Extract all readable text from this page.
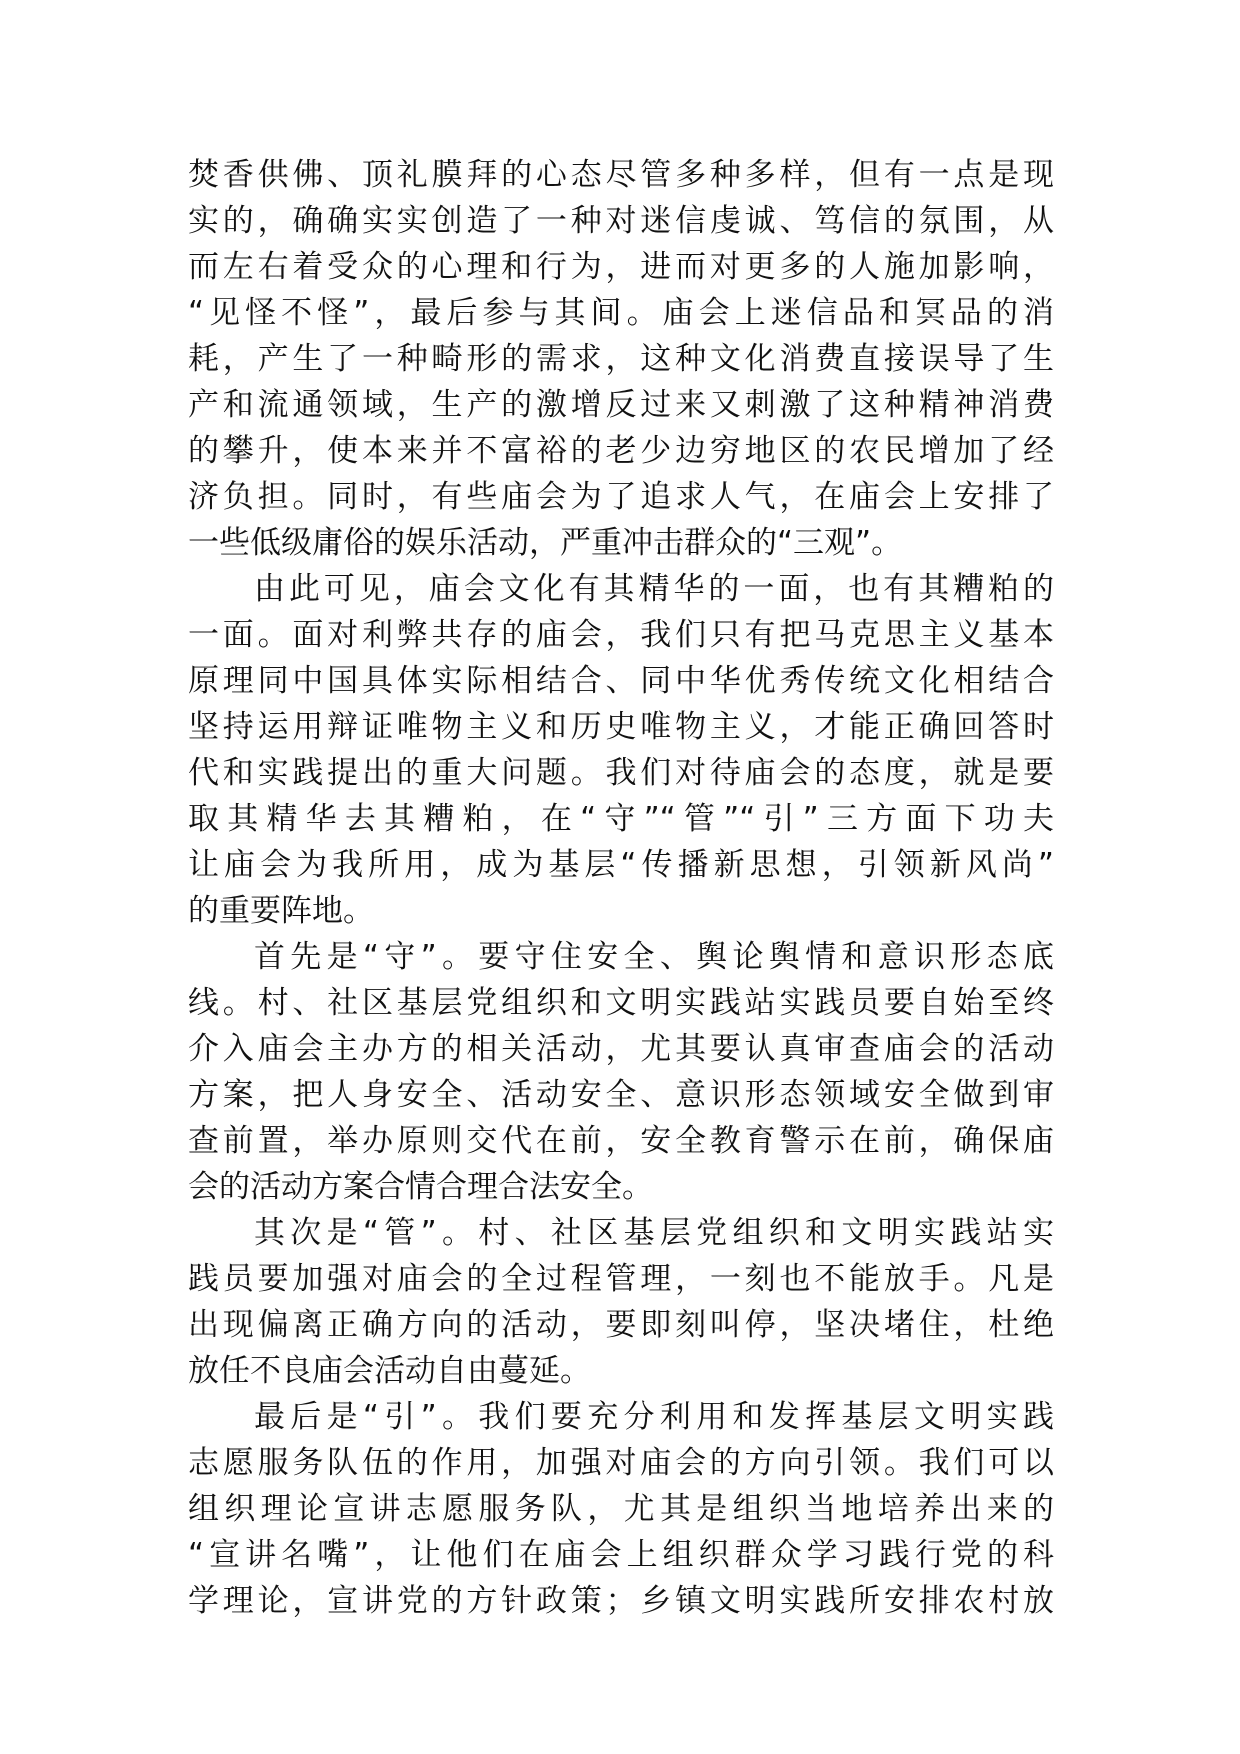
焚香供佛、顶礼膜拜的心态尽管多种多样，但有一点是现
实的，确确实实创造了一种对迷信虔诚、笃信的氛围，从
而左右着受众的心理和行为，进而对更多的人施加影响，
“见怪不怪”，最后参与其间。庙会上迷信品和冥品的消
耗，产生了一种畸形的需求，这种文化消费直接误导了生
产和流通领域，生产的激增反过来又刺激了这种精神消费
的攀升，使本来并不富裕的老少边穷地区的农民增加了经
济负担。同时，有些庙会为了追求人气，在庙会上安排了
一些低级庸俗的娱乐活动，严重冲击群众的“三观”。
由此可见，庙会文化有其精华的一面，也有其糟粕的
一面。面对利弊共存的庙会，我们只有把马克思主义基本
原理同中国具体实际相结合、同中华优秀传统文化相结合
坚持运用辩证唯物主义和历史唯物主义，才能正确回答时
代和实践提出的重大问题。我们对待庙会的态度，就是要
取其精华去其糟粕，在“守”“管”“引”三方面下功夫
让庙会为我所用，成为基层“传播新思想，引领新风尚”
的重要阵地。
首先是“守”。要守住安全、舆论舆情和意识形态底
线。村、社区基层党组织和文明实践站实践员要自始至终
介入庙会主办方的相关活动，尤其要认真审查庙会的活动
方案，把人身安全、活动安全、意识形态领域安全做到审
查前置，举办原则交代在前，安全教育警示在前，确保庙
会的活动方案合情合理合法安全。
其次是“管”。村、社区基层党组织和文明实践站实
践员要加强对庙会的全过程管理，一刻也不能放手。凡是
出现偏离正确方向的活动，要即刻叫停，坚决堵住，杜绝
放任不良庙会活动自由蔓延。
最后是“引”。我们要充分利用和发挥基层文明实践
志愿服务队伍的作用，加强对庙会的方向引领。我们可以
组织理论宣讲志愿服务队，尤其是组织当地培养出来的
“宣讲名嘴”，让他们在庙会上组织群众学习践行党的科
学理论，宣讲党的方针政策；乡镇文明实践所安排农村放
